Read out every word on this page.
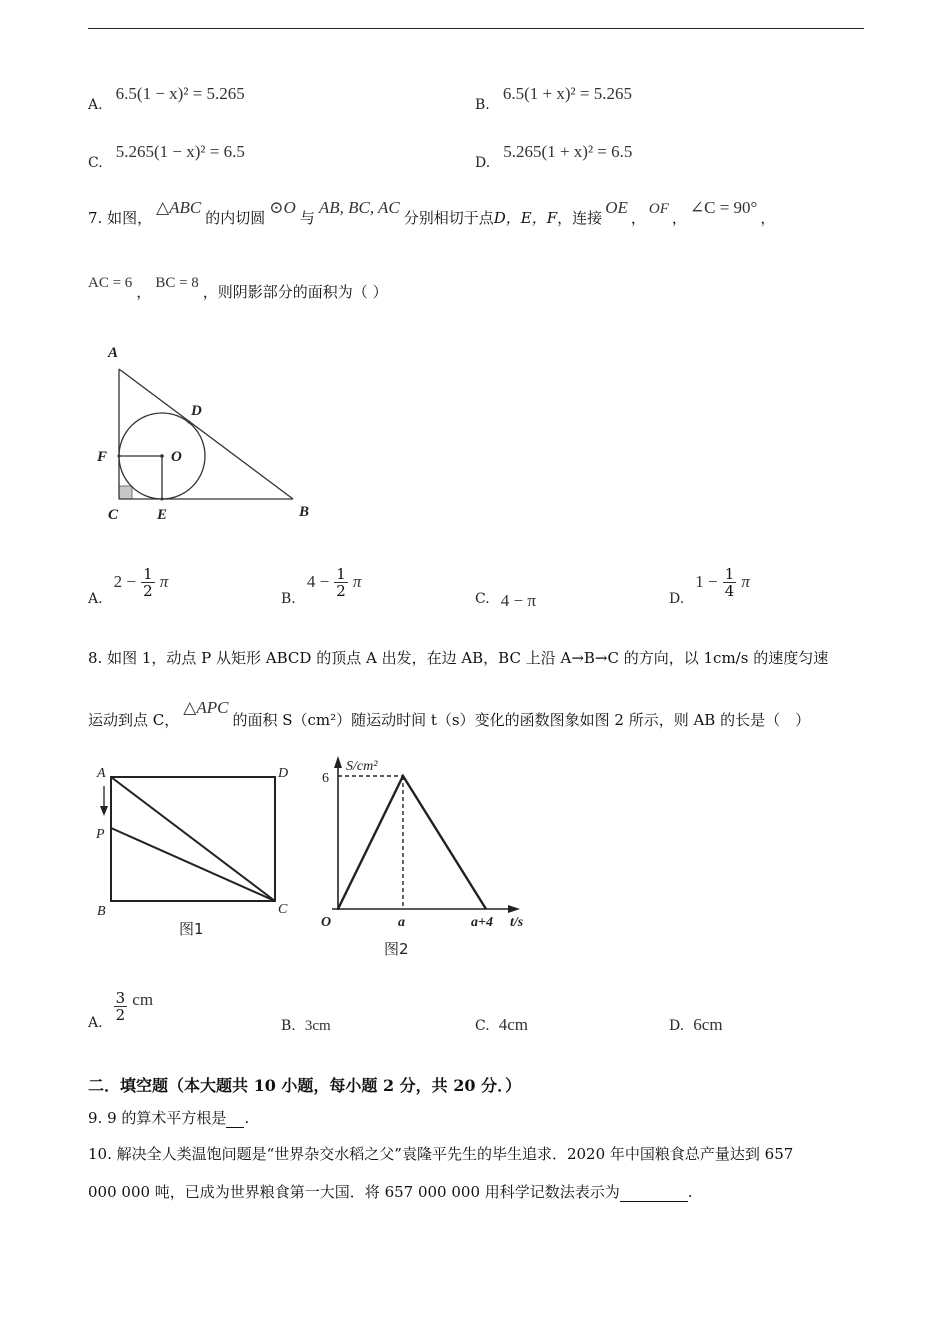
A. 6.5(1 − x)² = 5.265
B. 6.5(1 + x)² = 5.265
C. 5.265(1 − x)² = 6.5
D. 5.265(1 + x)² = 6.5
7. 如图，△ABC的内切圆⊙O与AB, BC, AC分别相切于点D，E，F，连接OE， OF ，∠C = 90°，
AC = 6 ， BC = 8 ，则阴影部分的面积为（ ）
A
D
F	O
C	E	B
A. $2 - \frac{1}{2}$ π
B. $4 - \frac{1}{2}$ π
C. 4 − π	D. $1 - \frac{1}{4}$ π
8. 如图 1，动点 P 从矩形 ABCD 的顶点 A 出发，在边 AB，BC 上沿 A→B→C 的方向，以 1cm/s 的速度匀速
运动到点 C，△APC的面积 S（cm²）随运动时间 t（s）变化的函数图象如图 2 所示，则 AB 的长是（　）
A	D
P
B	C
图1
S/cm²
6
O	a	a+4 t/s
图2
A. $\frac{3}{2}$ cm
B. 3cm	C. 4cm	D. 6cm
二．填空题（本大题共 10 小题，每小题 2 分，共 20 分．）
9. 9 的算术平方根是 .
10. 解决全人类温饱问题是“世界杂交水稻之父”袁隆平先生的毕生追求．2020 年中国粮食总产量达到 657
000 000 吨，已成为世界粮食第一大国．将 657 000 000 用科学记数法表示为	.
